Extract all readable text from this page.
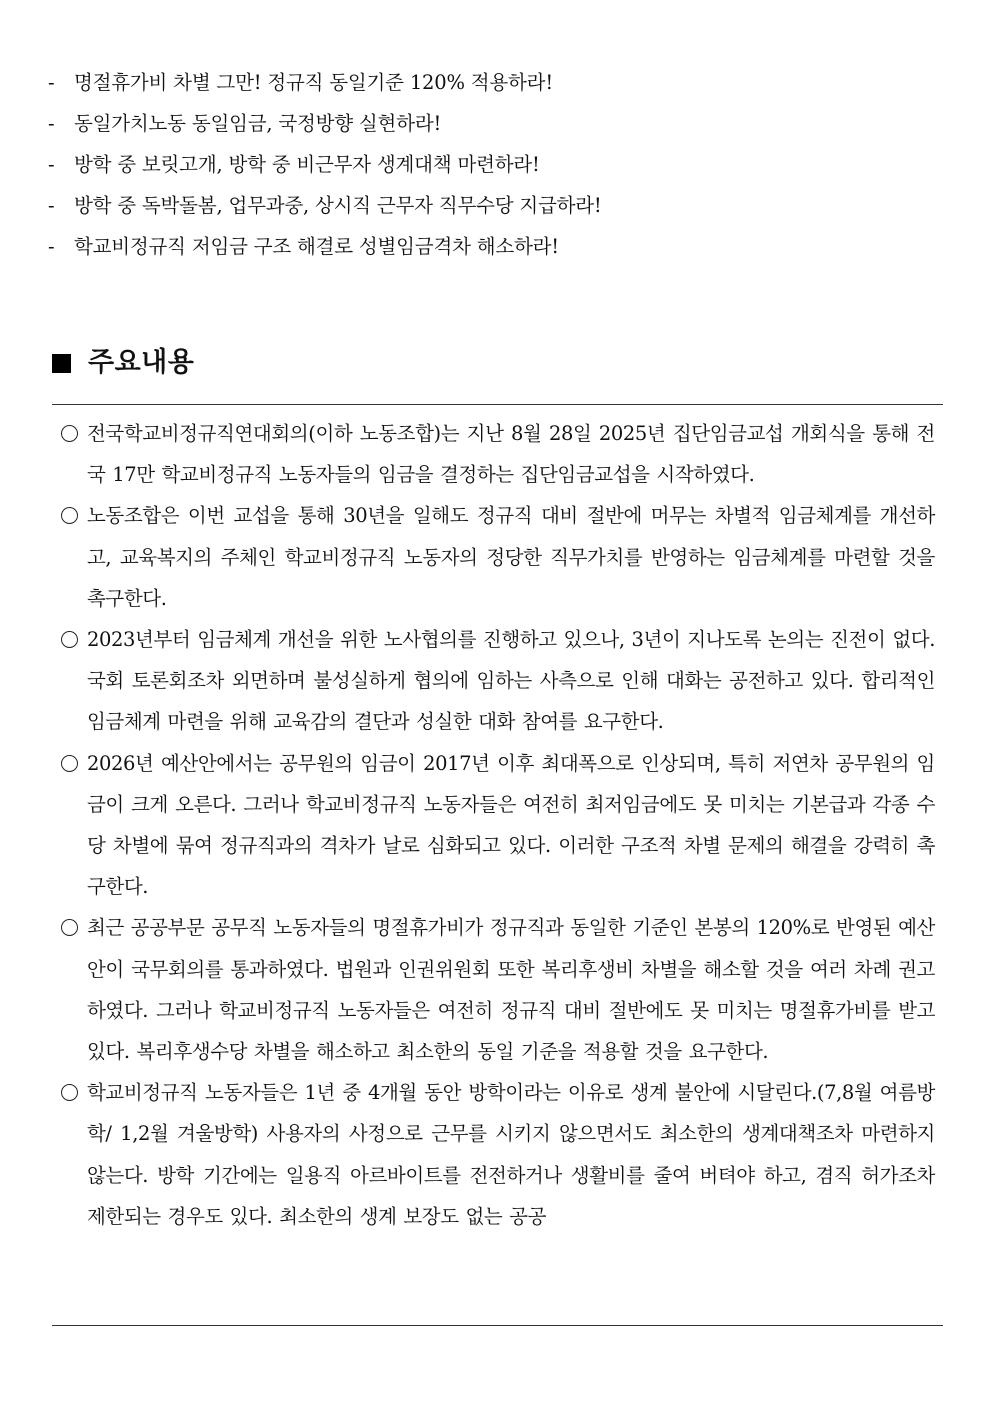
- 명절휴가비 차별 그만! 정규직 동일기준 120% 적용하라!
- 동일가치노동 동일임금, 국정방향 실현하라!
- 방학 중 보릿고개, 방학 중 비근무자 생계대책 마련하라!
- 방학 중 독박돌봄, 업무과중, 상시직 근무자 직무수당 지급하라!
- 학교비정규직 저임금 구조 해결로 성별임금격차 해소하라!
주요내용
전국학교비정규직연대회의(이하 노동조합)는 지난 8월 28일 2025년 집단임금교섭 개회식을 통해 전국 17만 학교비정규직 노동자들의 임금을 결정하는 집단임금교섭을 시작하였다.
노동조합은 이번 교섭을 통해 30년을 일해도 정규직 대비 절반에 머무는 차별적 임금체계를 개선하고, 교육복지의 주체인 학교비정규직 노동자의 정당한 직무가치를 반영하는 임금체계를 마련할 것을 촉구한다.
2023년부터 임금체계 개선을 위한 노사협의를 진행하고 있으나, 3년이 지나도록 논의는 진전이 없다. 국회 토론회조차 외면하며 불성실하게 협의에 임하는 사측으로 인해 대화는 공전하고 있다. 합리적인 임금체계 마련을 위해 교육감의 결단과 성실한 대화 참여를 요구한다.
2026년 예산안에서는 공무원의 임금이 2017년 이후 최대폭으로 인상되며, 특히 저연차 공무원의 임금이 크게 오른다. 그러나 학교비정규직 노동자들은 여전히 최저임금에도 못 미치는 기본급과 각종 수당 차별에 묶여 정규직과의 격차가 날로 심화되고 있다. 이러한 구조적 차별 문제의 해결을 강력히 촉구한다.
최근 공공부문 공무직 노동자들의 명절휴가비가 정규직과 동일한 기준인 본봉의 120%로 반영된 예산안이 국무회의를 통과하였다. 법원과 인권위원회 또한 복리후생비 차별을 해소할 것을 여러 차례 권고하였다. 그러나 학교비정규직 노동자들은 여전히 정규직 대비 절반에도 못 미치는 명절휴가비를 받고 있다. 복리후생수당 차별을 해소하고 최소한의 동일 기준을 적용할 것을 요구한다.
학교비정규직 노동자들은 1년 중 4개월 동안 방학이라는 이유로 생계 불안에 시달린다.(7,8월 여름방학/ 1,2월 겨울방학) 사용자의 사정으로 근무를 시키지 않으면서도 최소한의 생계대책조차 마련하지 않는다. 방학 기간에는 일용직 아르바이트를 전전하거나 생활비를 줄여 버텨야 하고, 겸직 허가조차 제한되는 경우도 있다. 최소한의 생계 보장도 없는 공공
